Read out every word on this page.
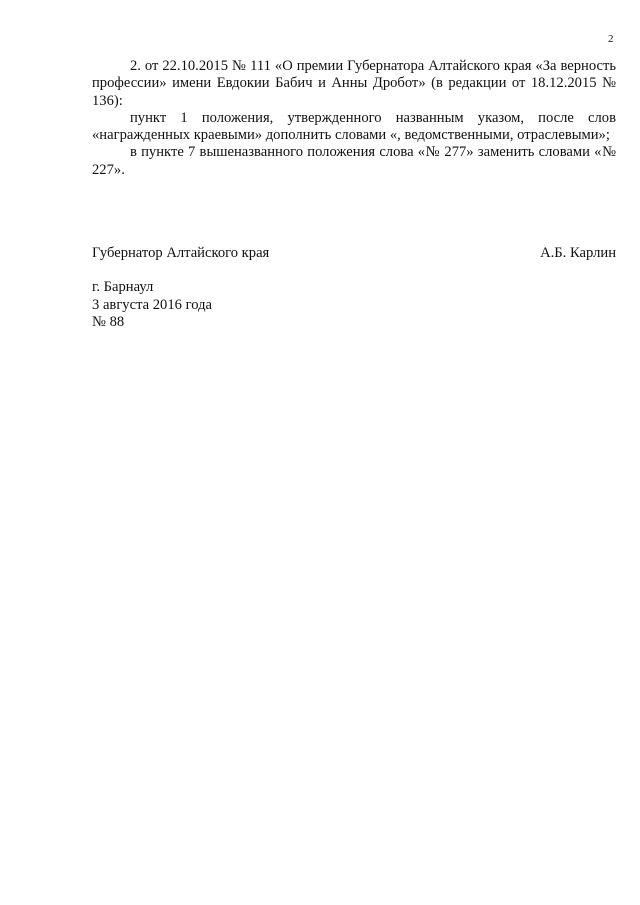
2

2. от 22.10.2015 № 111 «О премии Губернатора Алтайского края «За верность профессии» имени Евдокии Бабич и Анны Дробот» (в редакции от 18.12.2015 № 136):

пункт 1 положения, утвержденного названным указом, после слов «награжденных краевыми» дополнить словами «, ведомственными, отраслевыми»;

в пункте 7 вышеназванного положения слова «№ 277» заменить словами «№ 227».

Губернатор Алтайского края	А.Б. Карлин
г. Барнаул
3 августа 2016 года
№ 88
